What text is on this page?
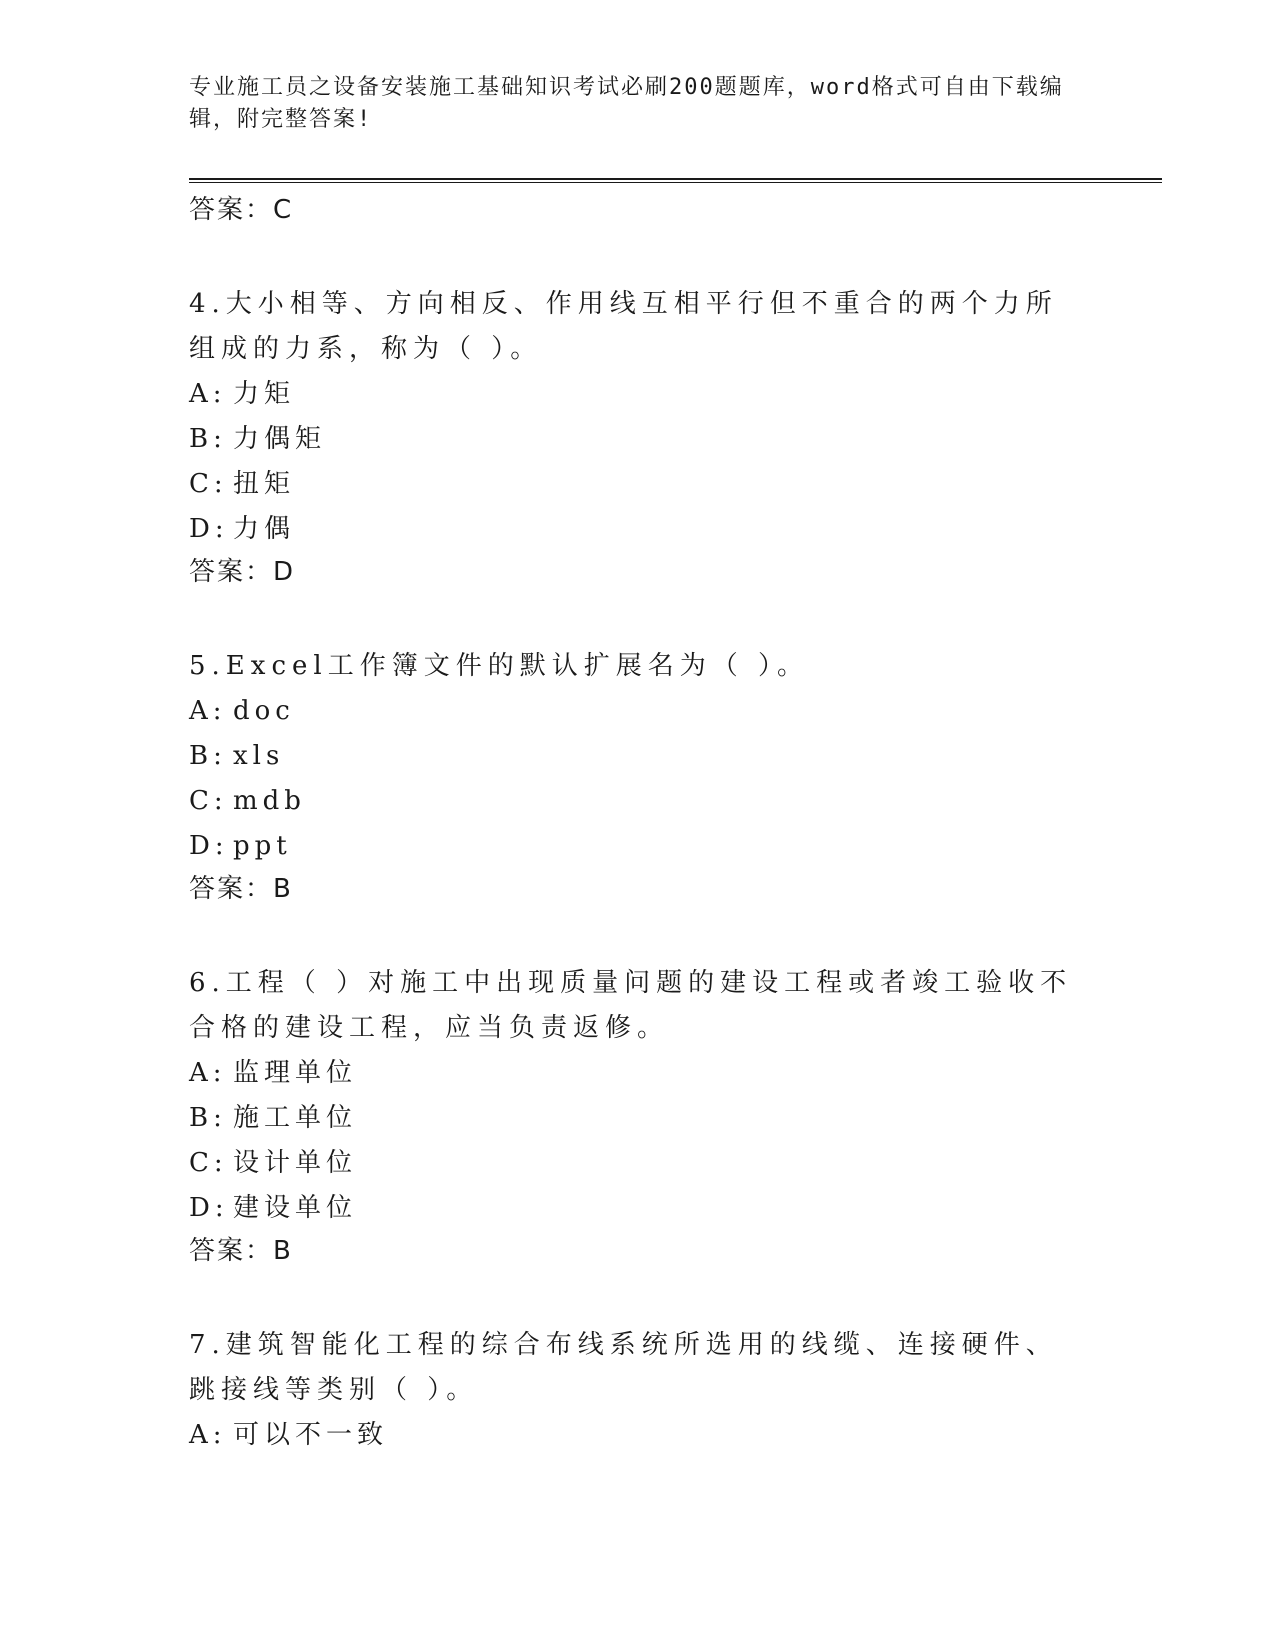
专业施工员之设备安装施工基础知识考试必刷200题题库，word格式可自由下载编辑，附完整答案!
答案：C
4.大小相等、方向相反、作用线互相平行但不重合的两个力所组成的力系，称为（ ）。
A: 力矩
B: 力偶矩
C: 扭矩
D: 力偶
答案：D
5.Excel工作簿文件的默认扩展名为（ ）。
A: doc
B: xls
C: mdb
D: ppt
答案：B
6.工程（ ）对施工中出现质量问题的建设工程或者竣工验收不合格的建设工程，应当负责返修。
A: 监理单位
B: 施工单位
C: 设计单位
D: 建设单位
答案：B
7.建筑智能化工程的综合布线系统所选用的线缆、连接硬件、跳接线等类别（ ）。
A: 可以不一致
